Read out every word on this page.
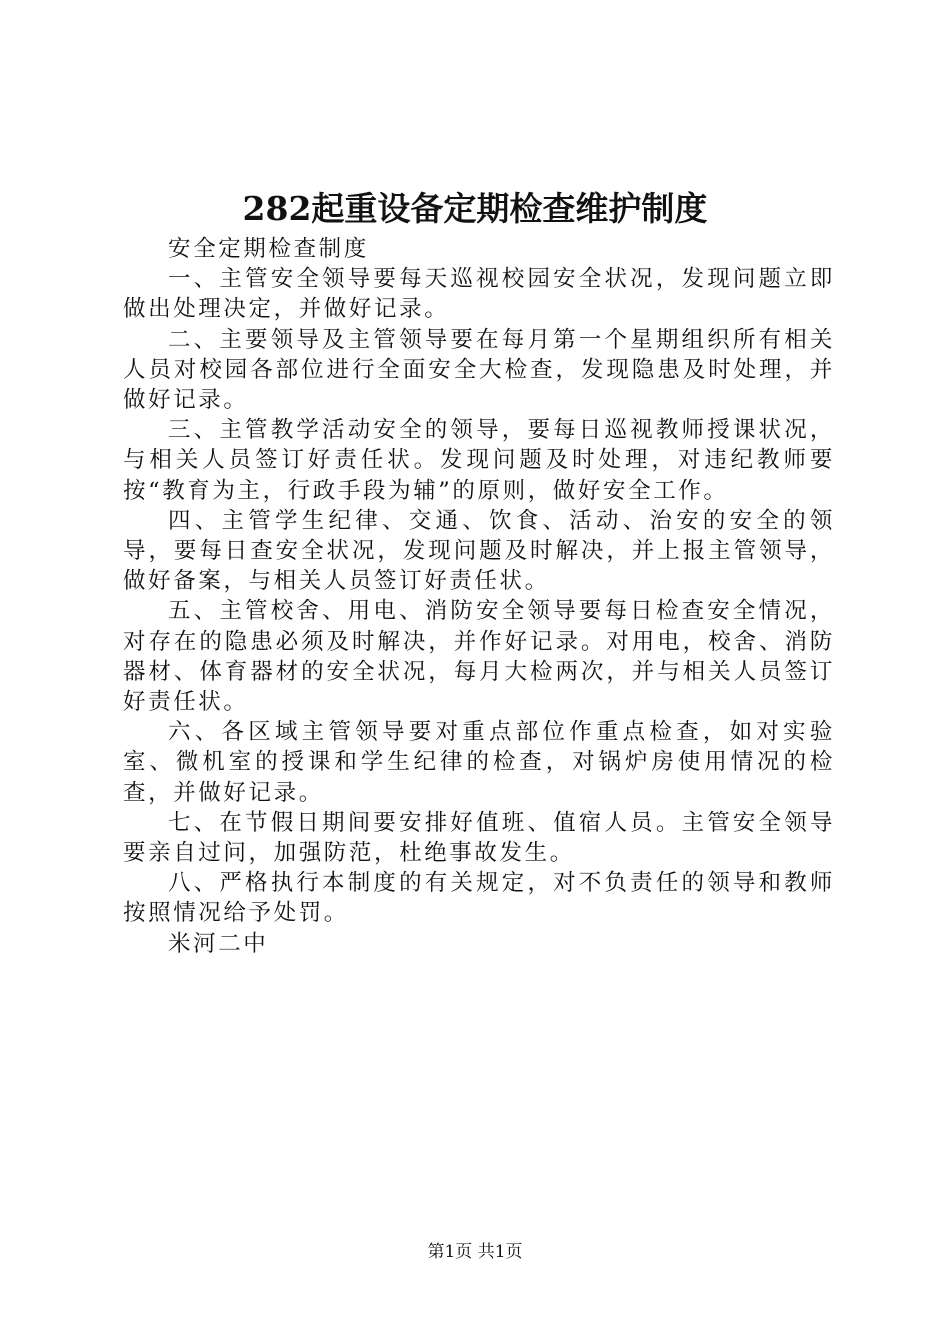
282起重设备定期检查维护制度

安全定期检查制度

一、主管安全领导要每天巡视校园安全状况，发现问题立即做出处理决定，并做好记录。

二、主要领导及主管领导要在每月第一个星期组织所有相关人员对校园各部位进行全面安全大检查，发现隐患及时处理，并做好记录。

三、主管教学活动安全的领导，要每日巡视教师授课状况，与相关人员签订好责任状。发现问题及时处理，对违纪教师要按“教育为主，行政手段为辅”的原则，做好安全工作。

四、主管学生纪律、交通、饮食、活动、治安的安全的领导，要每日查安全状况，发现问题及时解决，并上报主管领导，做好备案，与相关人员签订好责任状。

五、主管校舍、用电、消防安全领导要每日检查安全情况，对存在的隐患必须及时解决，并作好记录。对用电，校舍、消防器材、体育器材的安全状况，每月大检两次，并与相关人员签订好责任状。

六、各区域主管领导要对重点部位作重点检查，如对实验室、微机室的授课和学生纪律的检查，对锅炉房使用情况的检查，并做好记录。

七、在节假日期间要安排好值班、值宿人员。主管安全领导要亲自过问，加强防范，杜绝事故发生。

八、严格执行本制度的有关规定，对不负责任的领导和教师按照情况给予处罚。

米河二中

第1页 共1页
